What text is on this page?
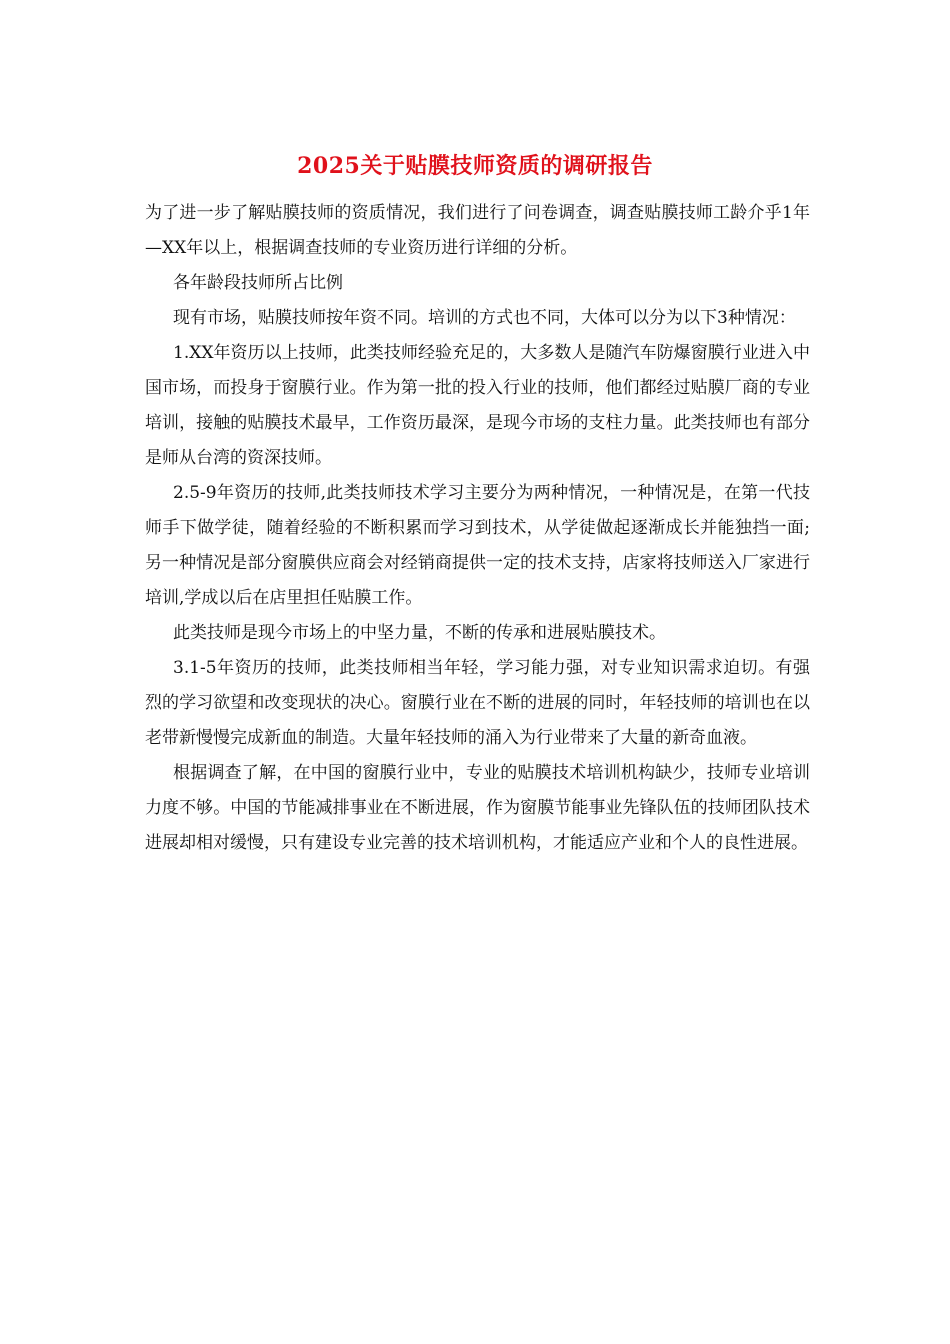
2025关于贴膜技师资质的调研报告

为了进一步了解贴膜技师的资质情况，我们进行了问卷调查，调查贴膜技师工龄介乎1年—XX年以上，根据调查技师的专业资历进行详细的分析。

各年龄段技师所占比例

现有市场，贴膜技师按年资不同。培训的方式也不同，大体可以分为以下3种情况：

1.XX年资历以上技师，此类技师经验充足的，大多数人是随汽车防爆窗膜行业进入中国市场，而投身于窗膜行业。作为第一批的投入行业的技师，他们都经过贴膜厂商的专业培训，接触的贴膜技术最早，工作资历最深，是现今市场的支柱力量。此类技师也有部分是师从台湾的资深技师。

2.5-9年资历的技师,此类技师技术学习主要分为两种情况，一种情况是，在第一代技师手下做学徒，随着经验的不断积累而学习到技术，从学徒做起逐渐成长并能独挡一面;另一种情况是部分窗膜供应商会对经销商提供一定的技术支持，店家将技师送入厂家进行培训,学成以后在店里担任贴膜工作。

此类技师是现今市场上的中坚力量，不断的传承和进展贴膜技术。

3.1-5年资历的技师，此类技师相当年轻，学习能力强，对专业知识需求迫切。有强烈的学习欲望和改变现状的决心。窗膜行业在不断的进展的同时，年轻技师的培训也在以老带新慢慢完成新血的制造。大量年轻技师的涌入为行业带来了大量的新奇血液。

根据调查了解，在中国的窗膜行业中，专业的贴膜技术培训机构缺少，技师专业培训力度不够。中国的节能减排事业在不断进展，作为窗膜节能事业先锋队伍的技师团队技术进展却相对缓慢，只有建设专业完善的技术培训机构，才能适应产业和个人的良性进展。
